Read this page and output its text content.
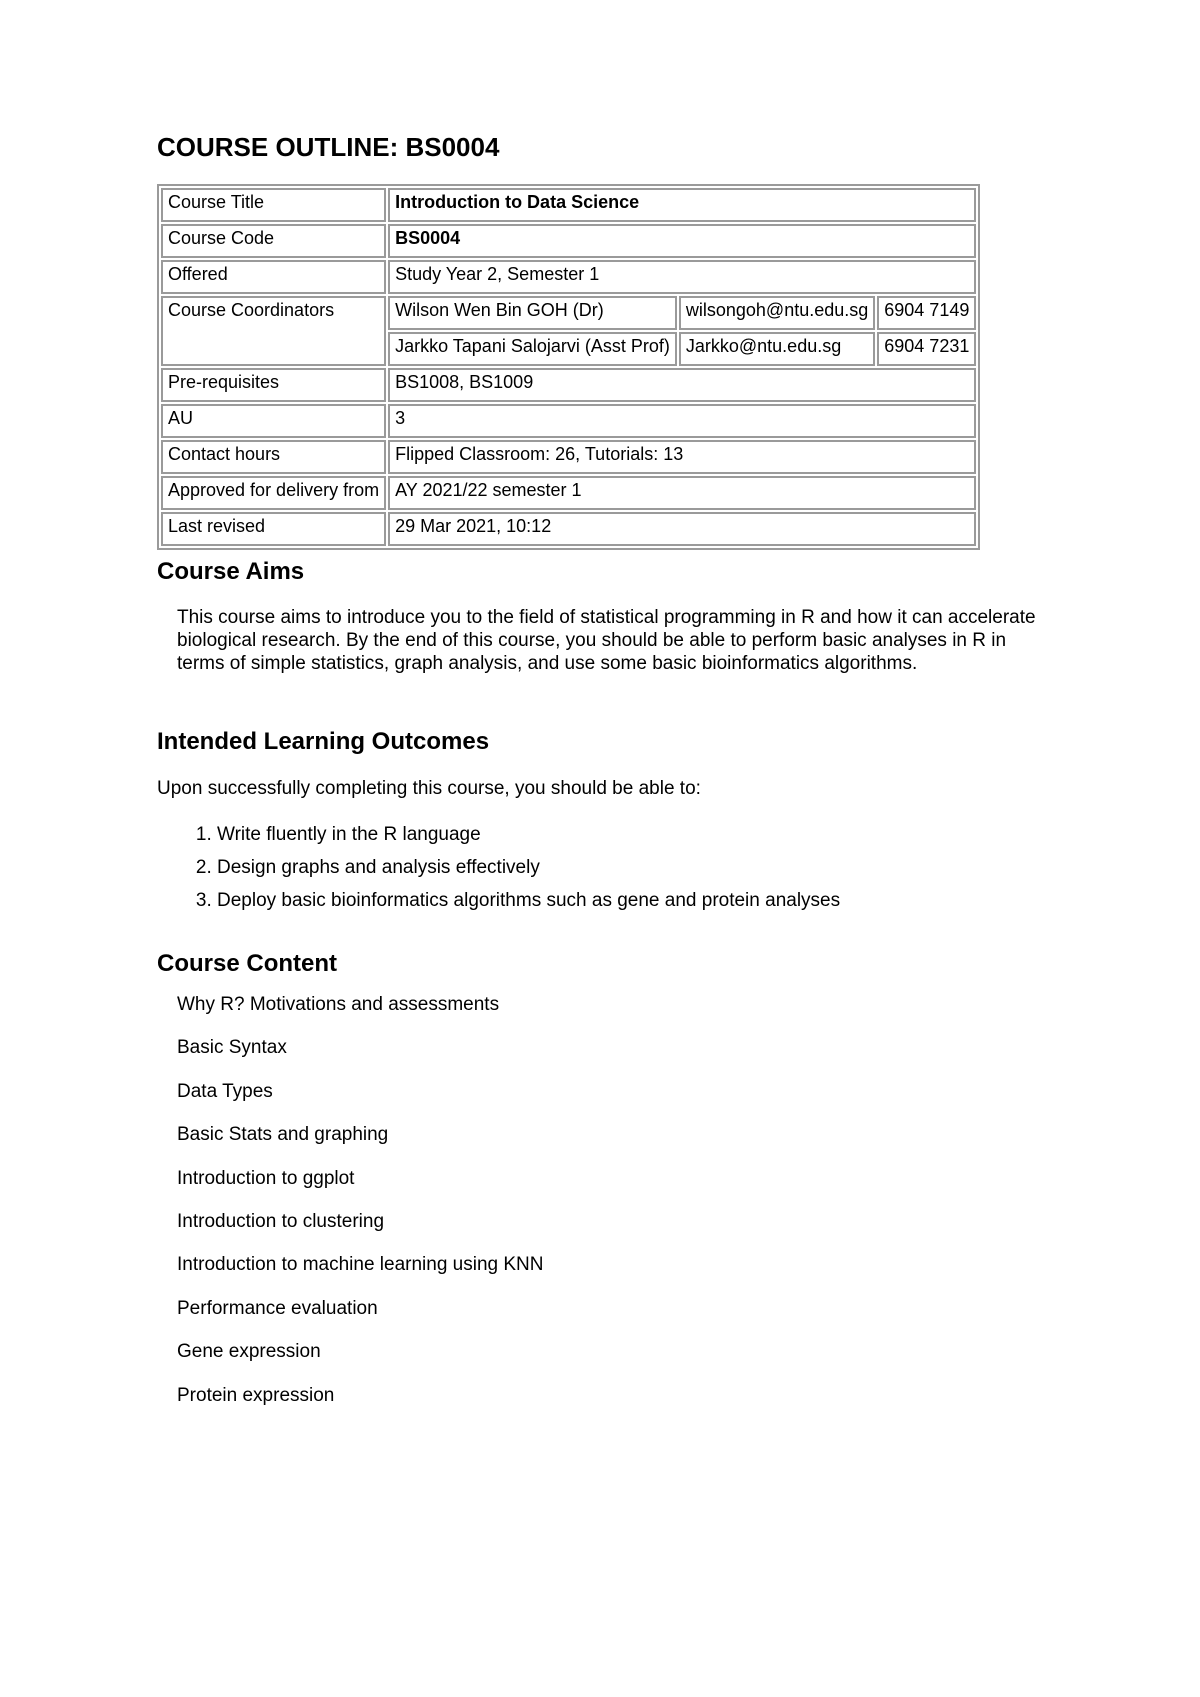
COURSE OUTLINE: BS0004
Course Title	Introduction to Data Science		
Course Code	BS0004		
Offered	Study Year 2, Semester 1		
Course Coordinators	Wilson Wen Bin GOH (Dr)	wilsongoh@ntu.edu.sg	6904 7149
	Jarkko Tapani Salojarvi (Asst Prof)	Jarkko@ntu.edu.sg	6904 7231
Pre-requisites	BS1008, BS1009		
AU	3		
Contact hours	Flipped Classroom: 26, Tutorials: 13		
Approved for delivery from	AY 2021/22 semester 1		
Last revised	29 Mar 2021, 10:12		
Course Aims

This course aims to introduce you to the field of statistical programming in R and how it can accelerate biological research. By the end of this course, you should be able to perform basic analyses in R in terms of simple statistics, graph analysis, and use some basic bioinformatics algorithms.

Intended Learning Outcomes

Upon successfully completing this course, you should be able to:

1. Write fluently in the R language
2. Design graphs and analysis effectively
3. Deploy basic bioinformatics algorithms such as gene and protein analyses
Course Content
Why R? Motivations and assessments
Basic Syntax
Data Types
Basic Stats and graphing
Introduction to ggplot
Introduction to clustering
Introduction to machine learning using KNN
Performance evaluation
Gene expression
Protein expression
